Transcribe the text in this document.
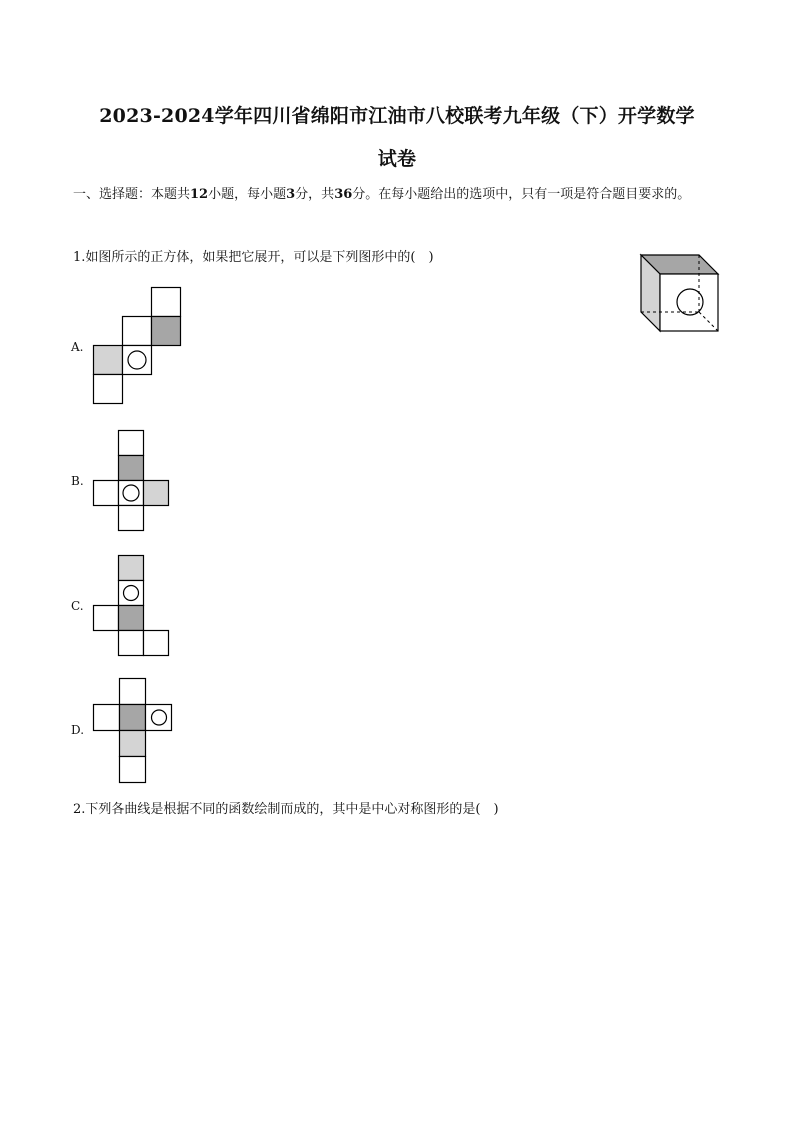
2023-2024学年四川省绵阳市江油市八校联考九年级（下）开学数学
试卷
一、选择题：本题共12小题，每小题3分，共36分。在每小题给出的选项中，只有一项是符合题目要求的。
1.如图所示的正方体，如果把它展开，可以是下列图形中的(　)
A.
B.
C.
D.
2.下列各曲线是根据不同的函数绘制而成的，其中是中心对称图形的是(　)
